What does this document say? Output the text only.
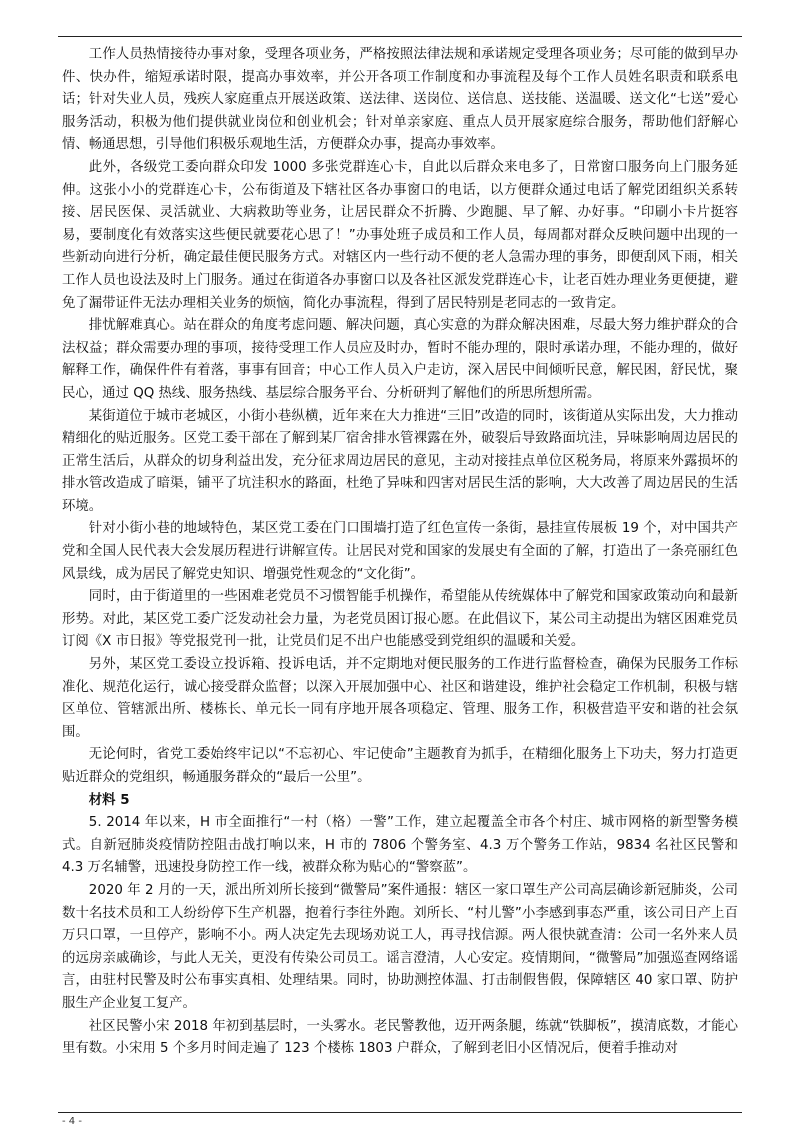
工作人员热情接待办事对象，受理各项业务，严格按照法律法规和承诺规定受理各项业务；尽可能的做到早办件、快办件，缩短承诺时限，提高办事效率，并公开各项工作制度和办事流程及每个工作人员姓名职责和联系电话；针对失业人员，残疾人家庭重点开展送政策、送法律、送岗位、送信息、送技能、送温暖、送文化“七送”爱心服务活动，积极为他们提供就业岗位和创业机会；针对单亲家庭、重点人员开展家庭综合服务，帮助他们舒解心情、畅通思想，引导他们积极乐观地生活，方便群众办事，提高办事效率。

此外，各级党工委向群众印发 1000 多张党群连心卡，自此以后群众来电多了，日常窗口服务向上门服务延伸。这张小小的党群连心卡，公布街道及下辖社区各办事窗口的电话，以方便群众通过电话了解党团组织关系转接、居民医保、灵活就业、大病救助等业务，让居民群众不折腾、少跑腿、早了解、办好事。“印刷小卡片挺容易，要制度化有效落实这些便民就要花心思了！”办事处班子成员和工作人员，每周都对群众反映问题中出现的一些新动向进行分析，确定最佳便民服务方式。对辖区内一些行动不便的老人急需办理的事务，即便刮风下雨，相关工作人员也设法及时上门服务。通过在街道各办事窗口以及各社区派发党群连心卡，让老百姓办理业务更便捷，避免了漏带证件无法办理相关业务的烦恼，简化办事流程，得到了居民特别是老同志的一致肯定。

排忧解难真心。站在群众的角度考虑问题、解决问题，真心实意的为群众解决困难，尽最大努力维护群众的合法权益；群众需要办理的事项，接待受理工作人员应及时办，暂时不能办理的，限时承诺办理，不能办理的，做好解释工作，确保件件有着落，事事有回音；中心工作人员入户走访，深入居民中间倾听民意，解民困，舒民忧，聚民心，通过 QQ 热线、服务热线、基层综合服务平台、分析研判了解他们的所思所想所需。

某街道位于城市老城区，小街小巷纵横，近年来在大力推进“三旧”改造的同时，该街道从实际出发，大力推动精细化的贴近服务。区党工委干部在了解到某厂宿舍排水管裸露在外，破裂后导致路面坑洼，异味影响周边居民的正常生活后，从群众的切身利益出发，充分征求周边居民的意见，主动对接挂点单位区税务局，将原来外露损坏的排水管改造成了暗渠，铺平了坑洼积水的路面，杜绝了异味和四害对居民生活的影响，大大改善了周边居民的生活环境。

针对小街小巷的地域特色，某区党工委在门口围墙打造了红色宣传一条街，悬挂宣传展板 19 个，对中国共产党和全国人民代表大会发展历程进行讲解宣传。让居民对党和国家的发展史有全面的了解，打造出了一条亮丽红色风景线，成为居民了解党史知识、增强党性观念的“文化街”。

同时，由于街道里的一些困难老党员不习惯智能手机操作，希望能从传统媒体中了解党和国家政策动向和最新形势。对此，某区党工委广泛发动社会力量，为老党员困订报心愿。在此倡议下，某公司主动提出为辖区困难党员订阅《X 市日报》等党报党刊一批，让党员们足不出户也能感受到党组织的温暖和关爱。

另外，某区党工委设立投诉箱、投诉电话，并不定期地对便民服务的工作进行监督检查，确保为民服务工作标准化、规范化运行，诚心接受群众监督；以深入开展加强中心、社区和谐建设，维护社会稳定工作机制，积极与辖区单位、管辖派出所、楼栋长、单元长一同有序地开展各项稳定、管理、服务工作，积极营造平安和谐的社会氛围。

无论何时，省党工委始终牢记以“不忘初心、牢记使命”主题教育为抓手，在精细化服务上下功夫，努力打造更贴近群众的党组织，畅通服务群众的“最后一公里”。

材料 5

5. 2014 年以来，H 市全面推行“一村（格）一警”工作，建立起覆盖全市各个村庄、城市网格的新型警务模式。自新冠肺炎疫情防控阻击战打响以来，H 市的 7806 个警务室、4.3 万个警务工作站，9834 名社区民警和 4.3 万名辅警，迅速投身防控工作一线，被群众称为贴心的“警察蓝”。

2020 年 2 月的一天，派出所刘所长接到“微警局”案件通报：辖区一家口罩生产公司高层确诊新冠肺炎，公司数十名技术员和工人纷纷停下生产机器，抱着行李往外跑。刘所长、“村儿警”小李感到事态严重，该公司日产上百万只口罩，一旦停产，影响不小。两人决定先去现场劝说工人，再寻找信源。两人很快就查清：公司一名外来人员的远房亲戚确诊，与此人无关，更没有传染公司员工。谣言澄清，人心安定。疫情期间，“微警局”加强巡查网络谣言，由驻村民警及时公布事实真相、处理结果。同时，协助测控体温、打击制假售假，保障辖区 40 家口罩、防护服生产企业复工复产。

社区民警小宋 2018 年初到基层时，一头雾水。老民警教他，迈开两条腿，练就“铁脚板”，摸清底数，才能心里有数。小宋用 5 个多月时间走遍了 123 个楼栋 1803 户群众，了解到老旧小区情况后，便着手推动对

- 4 -
